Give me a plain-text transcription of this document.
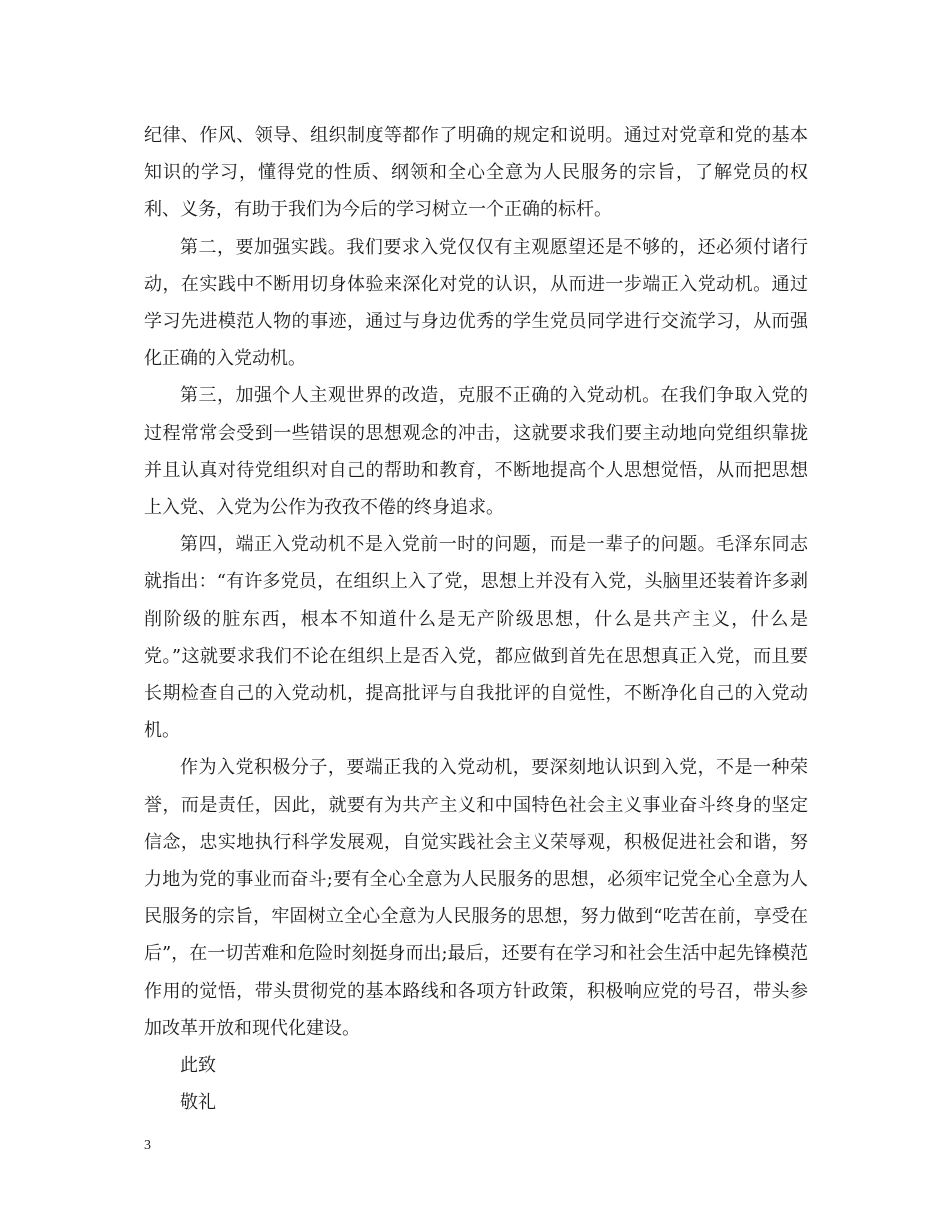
纪律、作风、领导、组织制度等都作了明确的规定和说明。通过对党章和党的基本知识的学习，懂得党的性质、纲领和全心全意为人民服务的宗旨，了解党员的权利、义务，有助于我们为今后的学习树立一个正确的标杆。

第二，要加强实践。我们要求入党仅仅有主观愿望还是不够的，还必须付诸行动，在实践中不断用切身体验来深化对党的认识，从而进一步端正入党动机。通过学习先进模范人物的事迹，通过与身边优秀的学生党员同学进行交流学习，从而强化正确的入党动机。

第三，加强个人主观世界的改造，克服不正确的入党动机。在我们争取入党的过程常常会受到一些错误的思想观念的冲击，这就要求我们要主动地向党组织靠拢并且认真对待党组织对自己的帮助和教育，不断地提高个人思想觉悟，从而把思想上入党、入党为公作为孜孜不倦的终身追求。

第四，端正入党动机不是入党前一时的问题，而是一辈子的问题。毛泽东同志就指出：“有许多党员，在组织上入了党，思想上并没有入党，头脑里还装着许多剥削阶级的脏东西，根本不知道什么是无产阶级思想，什么是共产主义，什么是党。”这就要求我们不论在组织上是否入党，都应做到首先在思想真正入党，而且要长期检查自己的入党动机，提高批评与自我批评的自觉性，不断净化自己的入党动机。

作为入党积极分子，要端正我的入党动机，要深刻地认识到入党，不是一种荣誉，而是责任，因此，就要有为共产主义和中国特色社会主义事业奋斗终身的坚定信念，忠实地执行科学发展观，自觉实践社会主义荣辱观，积极促进社会和谐，努力地为党的事业而奋斗;要有全心全意为人民服务的思想，必须牢记党全心全意为人民服务的宗旨，牢固树立全心全意为人民服务的思想，努力做到“吃苦在前，享受在后”，在一切苦难和危险时刻挺身而出;最后，还要有在学习和社会生活中起先锋模范作用的觉悟，带头贯彻党的基本路线和各项方针政策，积极响应党的号召，带头参加改革开放和现代化建设。

此致

敬礼

3
